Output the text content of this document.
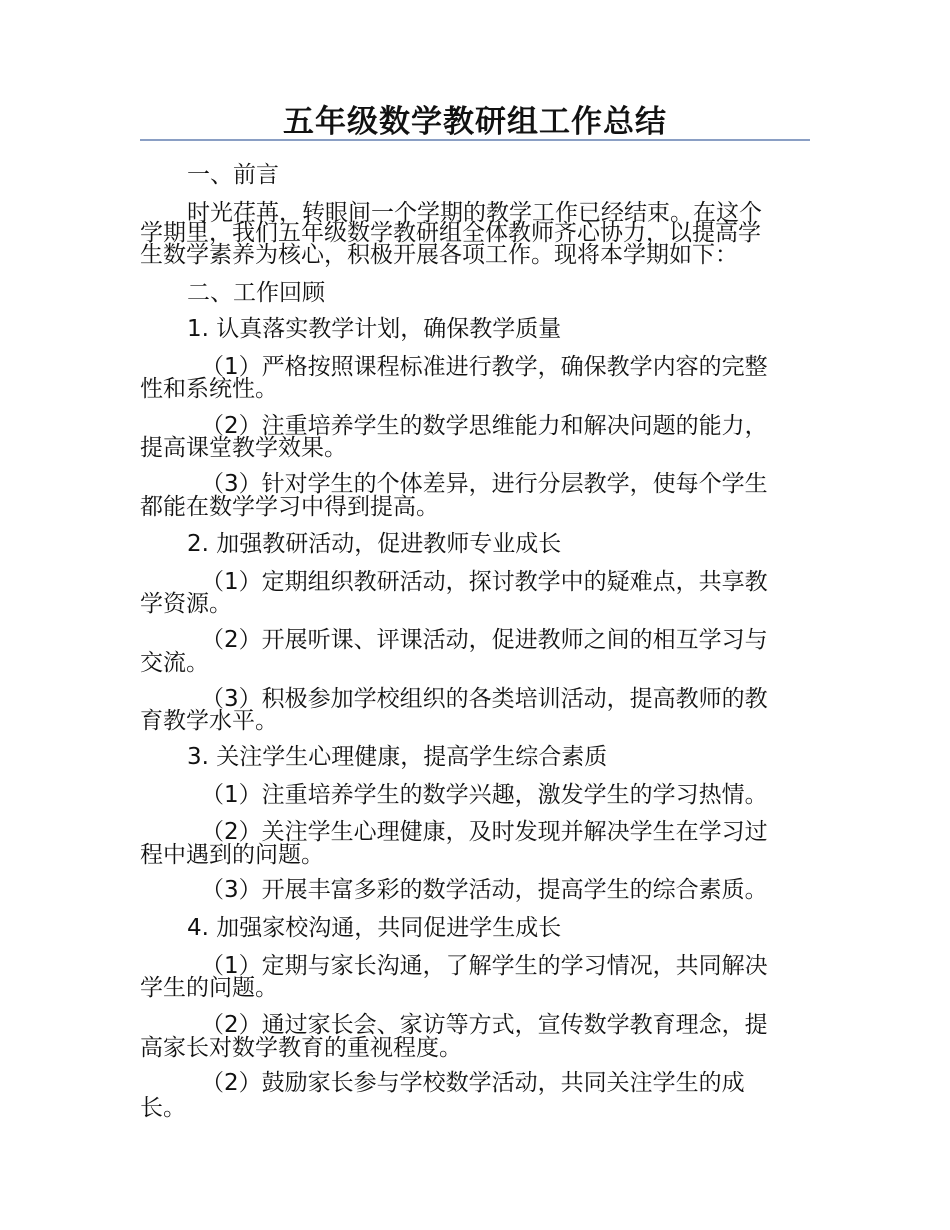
五年级数学教研组工作总结
一、前言
时光荏苒，转眼间一个学期的教学工作已经结束。在这个
学期里，我们五年级数学教研组全体教师齐心协力，以提高学
生数学素养为核心，积极开展各项工作。现将本学期如下：
二、工作回顾
1. 认真落实教学计划，确保教学质量
（1）严格按照课程标准进行教学，确保教学内容的完整
性和系统性。
（2）注重培养学生的数学思维能力和解决问题的能力，
提高课堂教学效果。
（3）针对学生的个体差异，进行分层教学，使每个学生
都能在数学学习中得到提高。
2. 加强教研活动，促进教师专业成长
（1）定期组织教研活动，探讨教学中的疑难点，共享教
学资源。
（2）开展听课、评课活动，促进教师之间的相互学习与
交流。
（3）积极参加学校组织的各类培训活动，提高教师的教
育教学水平。
3. 关注学生心理健康，提高学生综合素质
（1）注重培养学生的数学兴趣，激发学生的学习热情。
（2）关注学生心理健康，及时发现并解决学生在学习过
程中遇到的问题。
（3）开展丰富多彩的数学活动，提高学生的综合素质。
4. 加强家校沟通，共同促进学生成长
（1）定期与家长沟通，了解学生的学习情况，共同解决
学生的问题。
（2）通过家长会、家访等方式，宣传数学教育理念，提
高家长对数学教育的重视程度。
（2）鼓励家长参与学校数学活动，共同关注学生的成
长。
